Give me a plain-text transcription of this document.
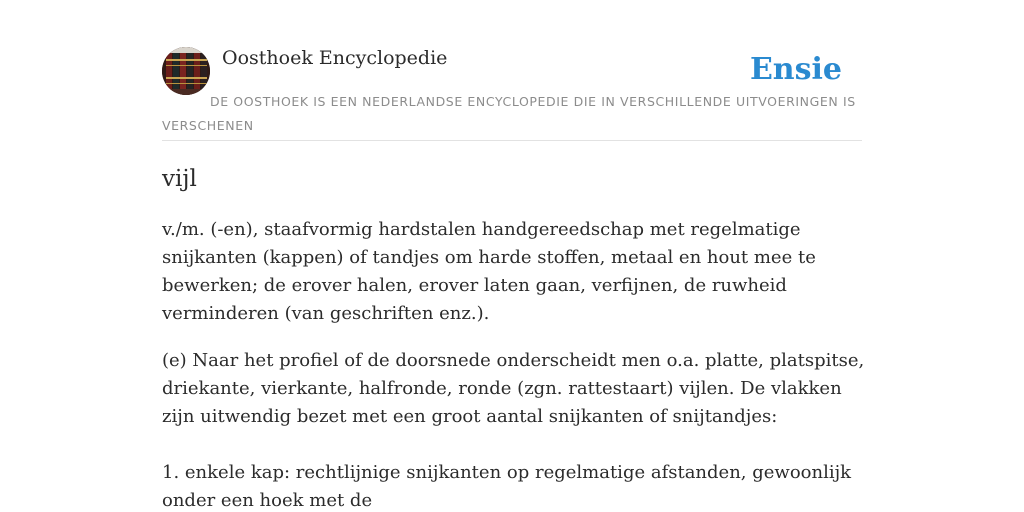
Oosthoek Encyclopedie	Ensie
DE OOSTHOEK IS EEN NEDERLANDSE ENCYCLOPEDIE DIE IN VERSCHILLENDE UITVOERINGEN IS VERSCHENEN
vijl

v./m. (-en), staafvormig hardstalen handgereedschap met regelmatige snijkanten (kappen) of tandjes om harde stoffen, metaal en hout mee te bewerken; de erover halen, erover laten gaan, verfijnen, de ruwheid verminderen (van geschriften enz.).

(e) Naar het profiel of de doorsnede onderscheidt men o.a. platte, platspitse, driekante, vierkante, halfronde, ronde (zgn. rattestaart) vijlen. De vlakken zijn uitwendig bezet met een groot aantal snijkanten of snijtandjes:

1. enkele kap: rechtlijnige snijkanten op regelmatige afstanden, gewoonlijk onder een hoek met de
